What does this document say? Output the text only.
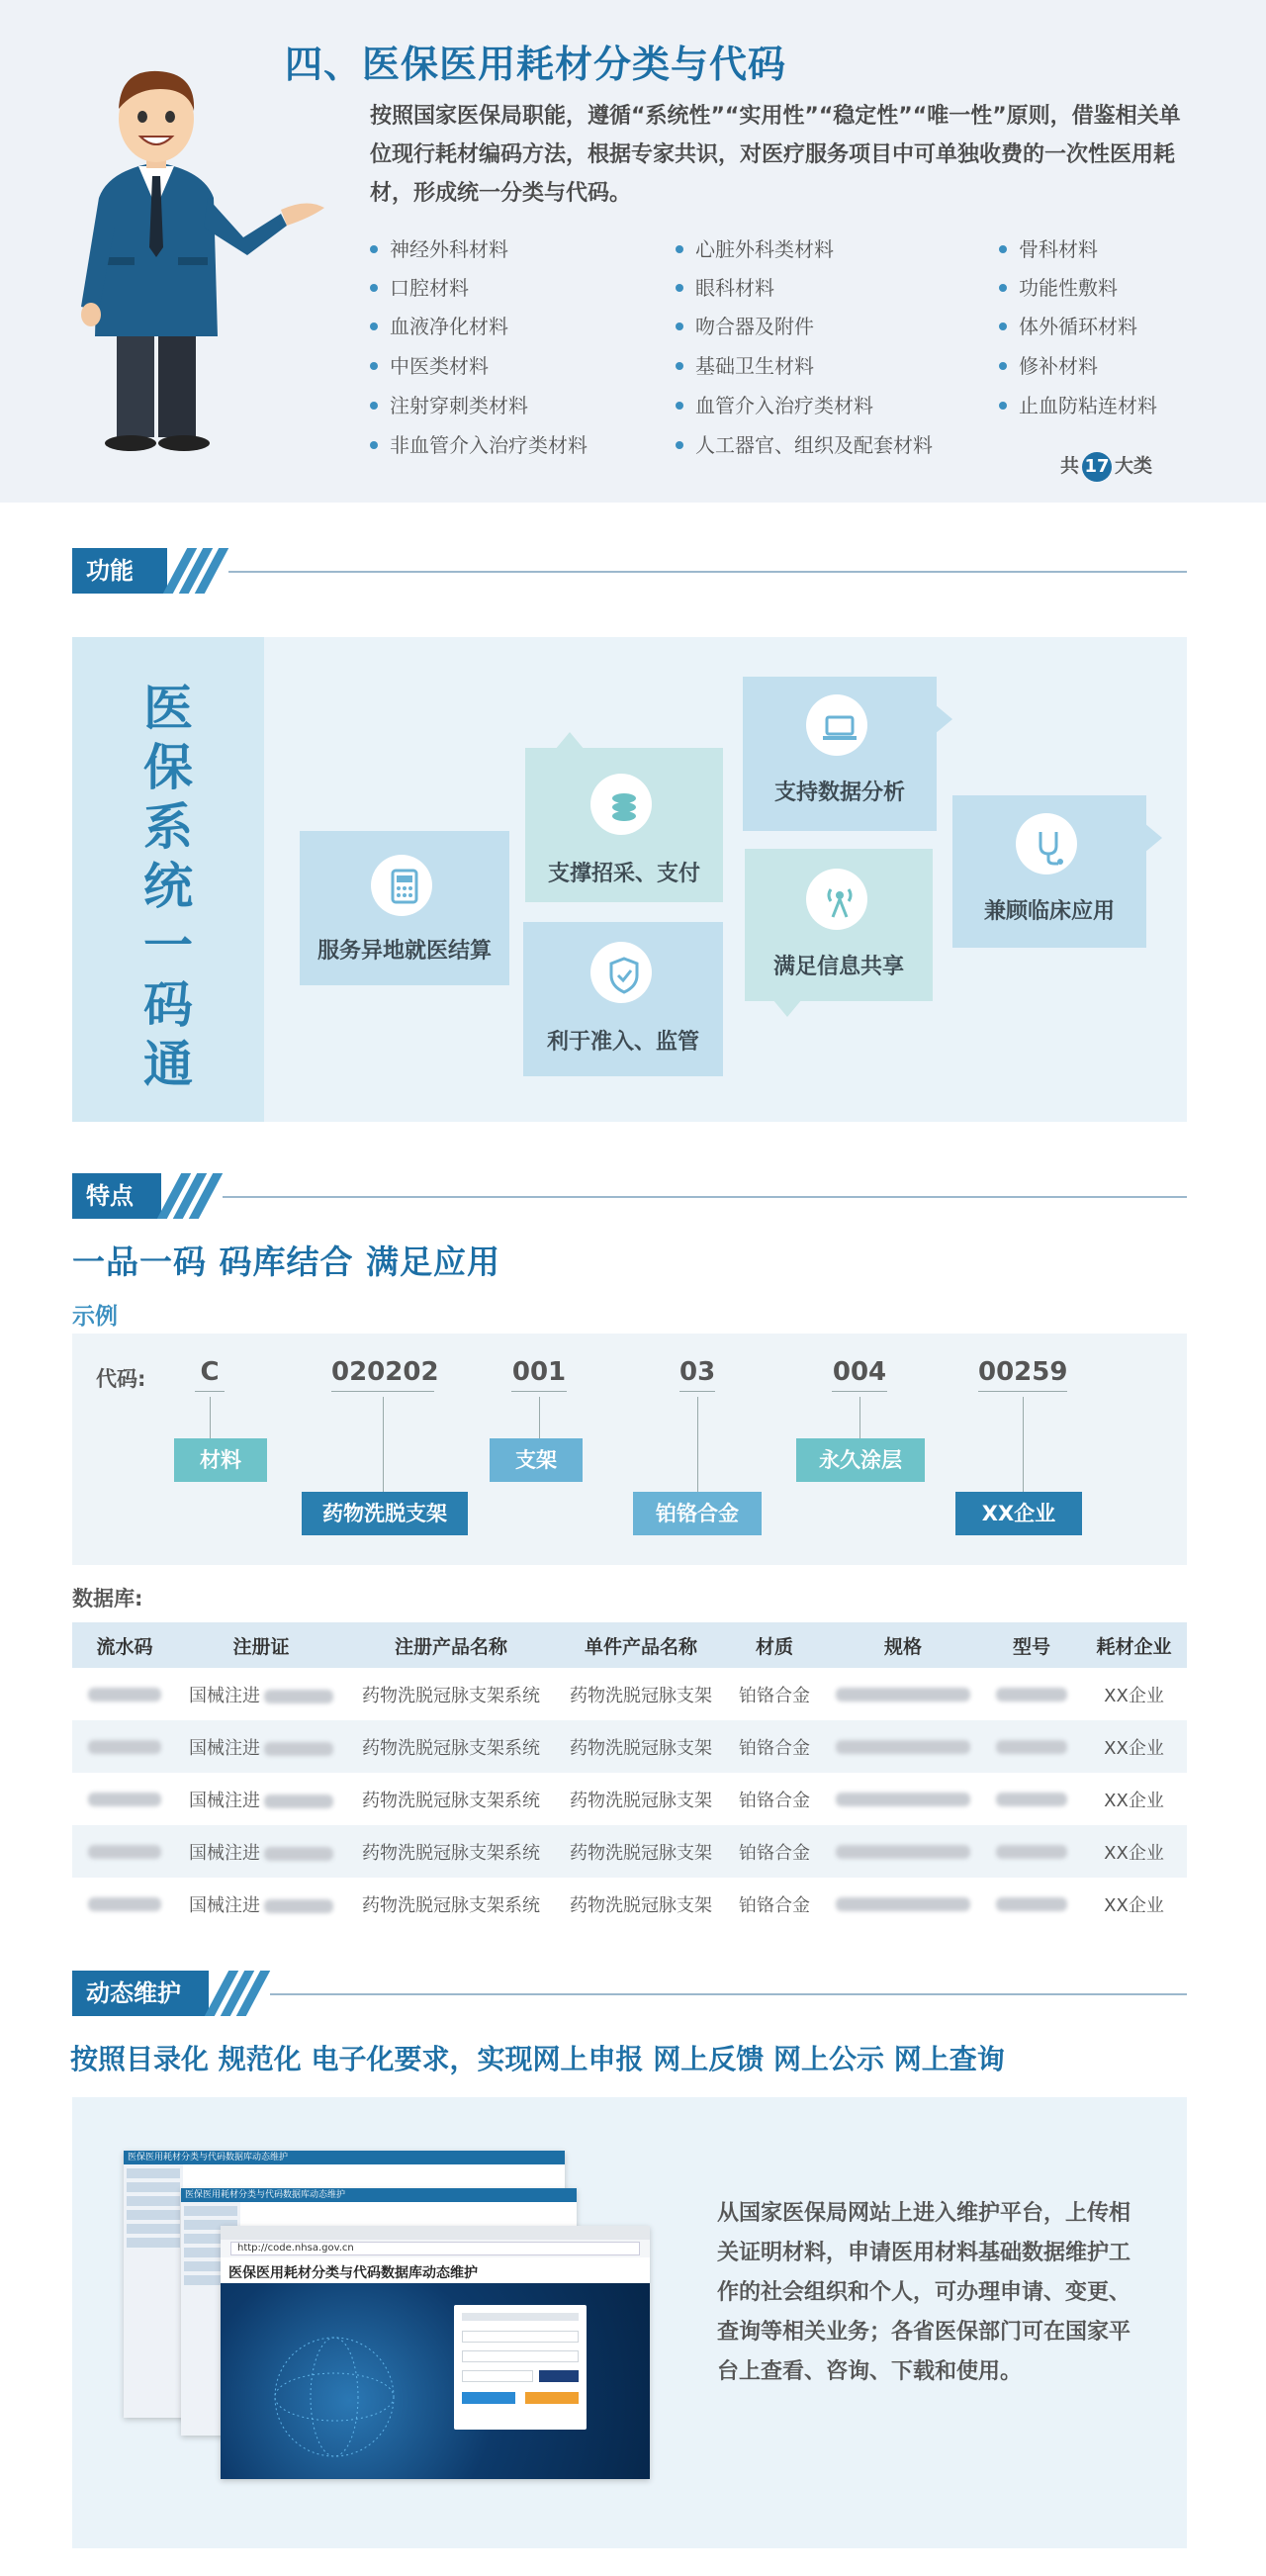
四、医保医用耗材分类与代码
按照国家医保局职能，遵循“系统性”“实用性”“稳定性”“唯一性”原则，借鉴相关单位现行耗材编码方法，根据专家共识，对医疗服务项目中可单独收费的一次性医用耗材，形成统一分类与代码。
神经外科材料	心脏外科类材料	骨科材料
口腔材料	眼科材料	功能性敷料
血液净化材料	吻合器及附件	体外循环材料
中医类材料	基础卫生材料	修补材料
注射穿刺类材料	血管介入治疗类材料	止血防粘连材料
非血管介入治疗类材料	人工器官、组织及配套材料
共 17 大类
功能
医
保
系
统
一
码
通
服务异地就医结算
支撑招采、支付
利于准入、监管
支持数据分析
满足信息共享
兼顾临床应用
特点
一品一码 码库结合 满足应用
示例
代码: C	020202	001	03	004	00259
材料
药物洗脱支架
支架
铂铬合金
永久涂层
XX企业
数据库:
流水码	注册证	注册产品名称	单件产品名称	材质	规格	型号	耗材企业
	国械注进	药物洗脱冠脉支架系统	药物洗脱冠脉支架	铂铬合金			XX企业
	国械注进	药物洗脱冠脉支架系统	药物洗脱冠脉支架	铂铬合金			XX企业
	国械注进	药物洗脱冠脉支架系统	药物洗脱冠脉支架	铂铬合金			XX企业
	国械注进	药物洗脱冠脉支架系统	药物洗脱冠脉支架	铂铬合金			XX企业
	国械注进	药物洗脱冠脉支架系统	药物洗脱冠脉支架	铂铬合金			XX企业
动态维护
按照目录化 规范化 电子化要求，实现网上申报 网上反馈 网上公示 网上查询
医保医用耗材分类与代码数据库动态维护
医保医用耗材分类与代码数据库动态维护
http://code.nhsa.gov.cn
医保医用耗材分类与代码数据库动态维护
从国家医保局网站上进入维护平台，上传相关证明材料，申请医用材料基础数据维护工作的社会组织和个人，可办理申请、变更、查询等相关业务；各省医保部门可在国家平台上查看、咨询、下载和使用。
